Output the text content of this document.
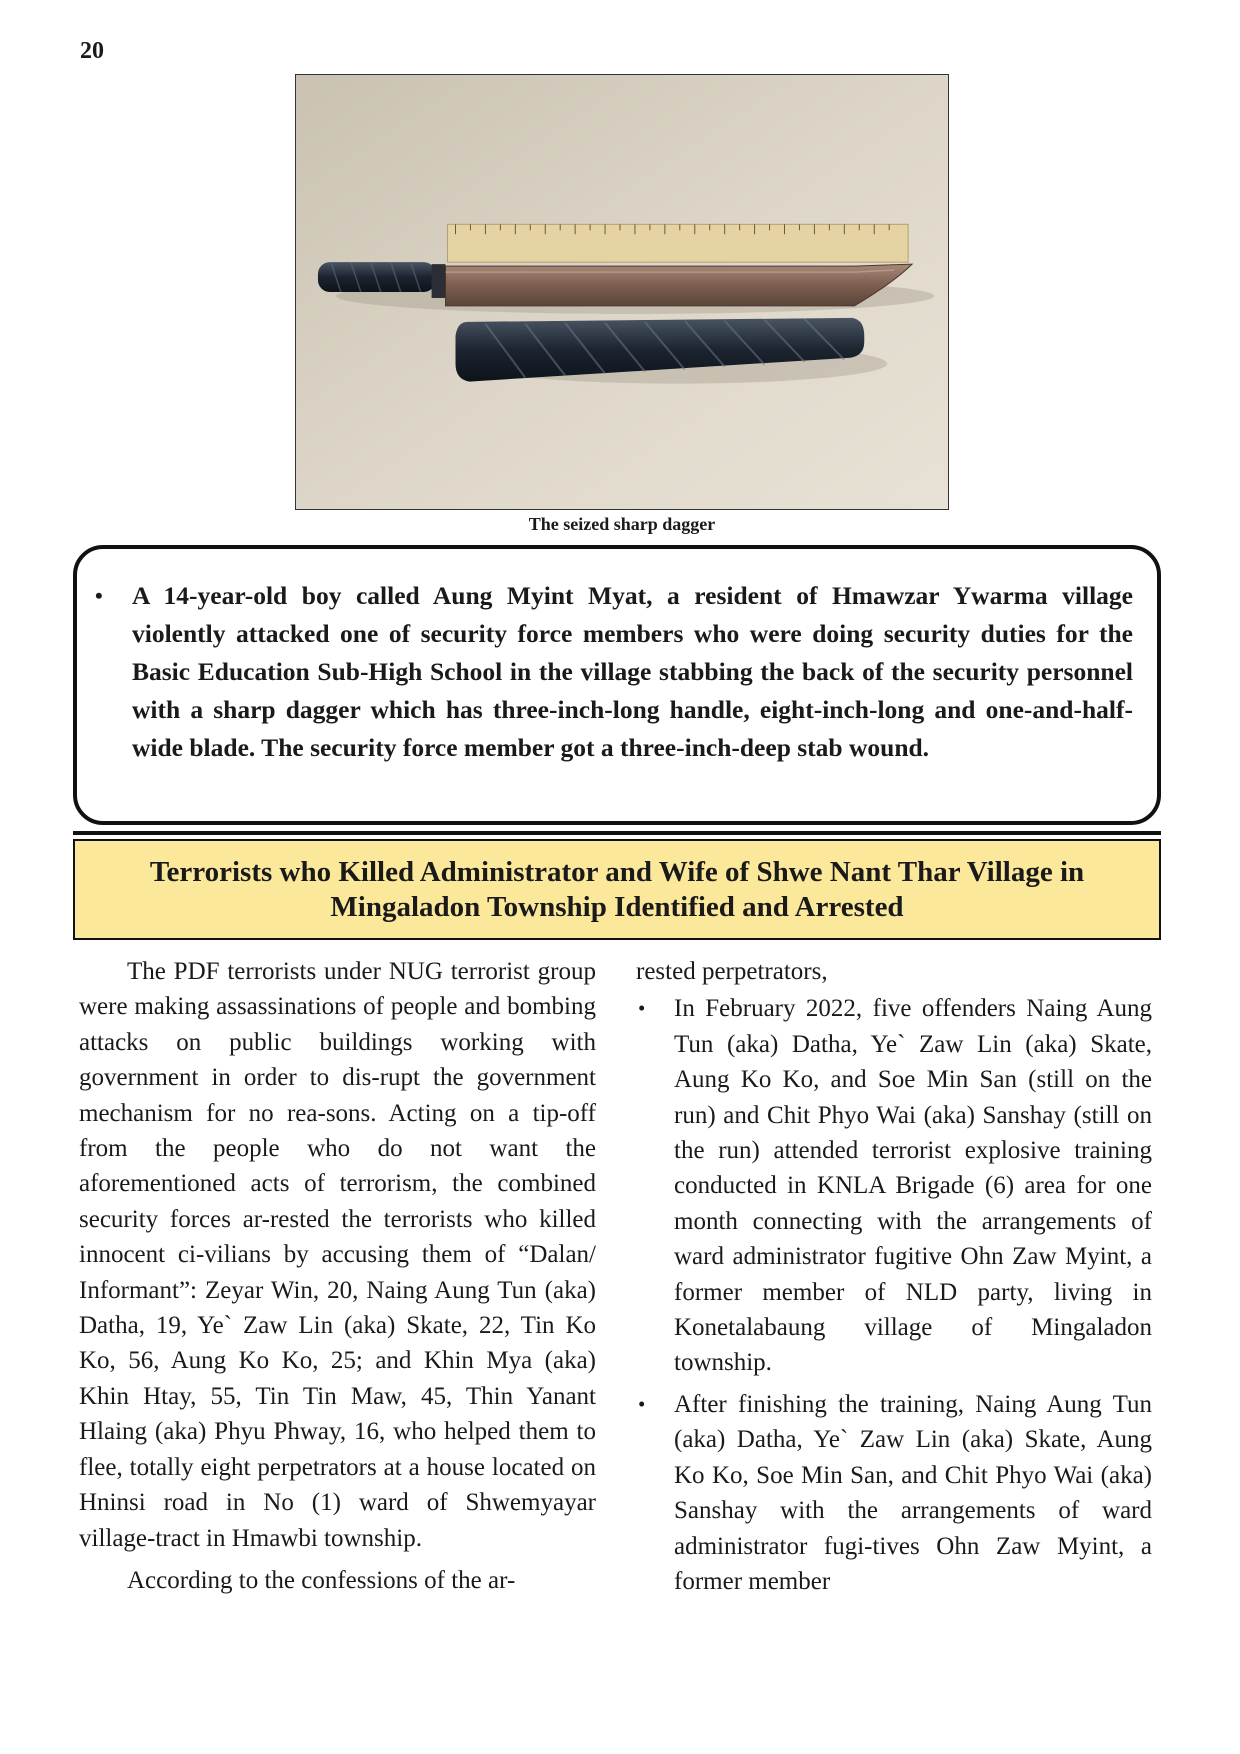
20
The seized sharp dagger
• A 14-year-old boy called Aung Myint Myat, a resident of Hmawzar Ywarma village violently attacked one of security force members who were doing security duties for the Basic Education Sub-High School in the village stabbing the back of the security personnel with a sharp dagger which has three-inch-long handle, eight-inch-long and one-and-half-wide blade. The security force member got a three-inch-deep stab wound.
Terrorists who Killed Administrator and Wife of Shwe Nant Thar Village in
Mingaladon Township Identified and Arrested

The PDF terrorists under NUG terrorist group were making assassinations of people and bombing attacks on public buildings working with government in order to dis-rupt the government mechanism for no rea-sons. Acting on a tip-off from the people who do not want the aforementioned acts of terrorism, the combined security forces ar-rested the terrorists who killed innocent ci-vilians by accusing them of “Dalan/ Informant”: Zeyar Win, 20, Naing Aung Tun (aka) Datha, 19, Ye` Zaw Lin (aka) Skate, 22, Tin Ko Ko, 56, Aung Ko Ko, 25; and Khin Mya (aka) Khin Htay, 55, Tin Tin Maw, 45, Thin Yanant Hlaing (aka) Phyu Phway, 16, who helped them to flee, totally eight perpetrators at a house located on Hninsi road in No (1) ward of Shwemyayar village-tract in Hmawbi township.

According to the confessions of the ar-

rested perpetrators,

• In February 2022, five offenders Naing Aung Tun (aka) Datha, Ye` Zaw Lin (aka) Skate, Aung Ko Ko, and Soe Min San (still on the run) and Chit Phyo Wai (aka) Sanshay (still on the run) attended terrorist explosive training conducted in KNLA Brigade (6) area for one month connecting with the arrangements of ward administrator fugitive Ohn Zaw Myint, a former member of NLD party, living in Konetalabaung village of Mingaladon township.
• After finishing the training, Naing Aung Tun (aka) Datha, Ye` Zaw Lin (aka) Skate, Aung Ko Ko, Soe Min San, and Chit Phyo Wai (aka) Sanshay with the arrangements of ward administrator fugi-tives Ohn Zaw Myint, a former member
